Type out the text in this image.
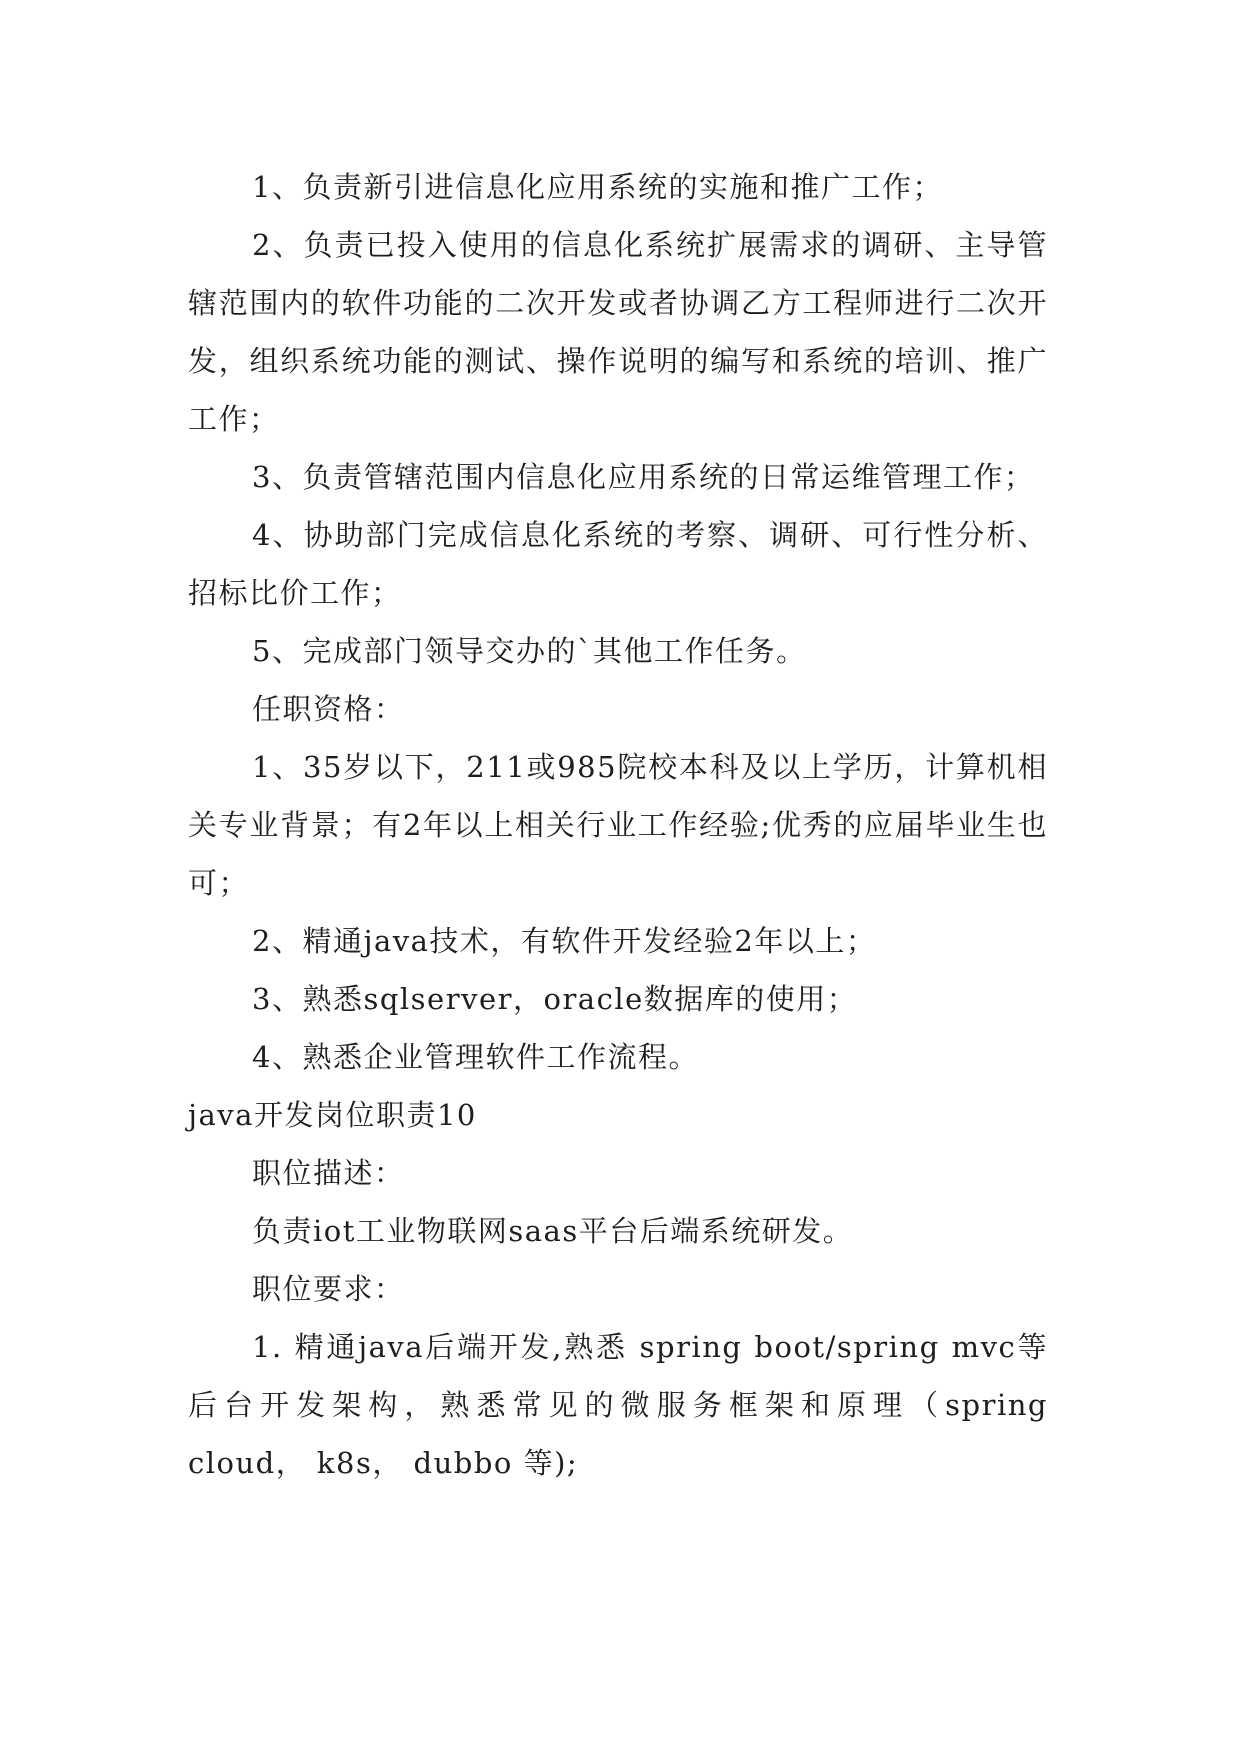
1、负责新引进信息化应用系统的实施和推广工作；

2、负责已投入使用的信息化系统扩展需求的调研、主导管辖范围内的软件功能的二次开发或者协调乙方工程师进行二次开发，组织系统功能的测试、操作说明的编写和系统的培训、推广工作；

3、负责管辖范围内信息化应用系统的日常运维管理工作；

4、协助部门完成信息化系统的考察、调研、可行性分析、招标比价工作；

5、完成部门领导交办的`其他工作任务。

任职资格：

1、35岁以下，211或985院校本科及以上学历，计算机相关专业背景；有2年以上相关行业工作经验;优秀的应届毕业生也可；

2、精通java技术，有软件开发经验2年以上；

3、熟悉sqlserver，oracle数据库的使用；

4、熟悉企业管理软件工作流程。

java开发岗位职责10

职位描述：

负责iot工业物联网saas平台后端系统研发。

职位要求：

1. 精通java后端开发,熟悉 spring boot/spring mvc等后台开发架构，熟悉常见的微服务框架和原理（spring cloud， k8s， dubbo 等);
